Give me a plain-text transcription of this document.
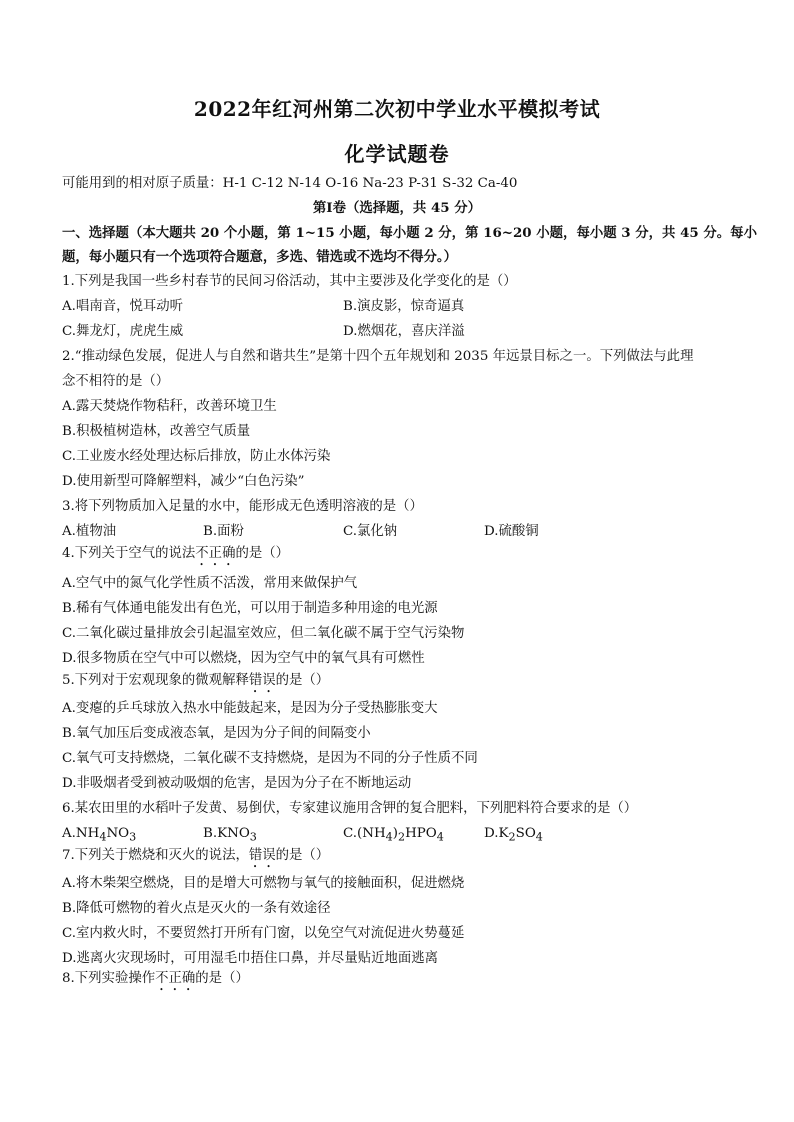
2022年红河州第二次初中学业水平模拟考试
化学试题卷
可能用到的相对原子质量：H-1 C-12 N-14 O-16 Na-23 P-31 S-32 Ca-40
第Ⅰ卷（选择题，共 45 分）
一、选择题（本大题共 20 个小题，第 1~15 小题，每小题 2 分，第 16~20 小题，每小题 3 分，共 45 分。每小
题，每小题只有一个选项符合题意，多选、错选或不选均不得分。）
1.下列是我国一些乡村春节的民间习俗活动，其中主要涉及化学变化的是（）
A.唱南音，悦耳动听	B.演皮影，惊奇逼真
C.舞龙灯，虎虎生威	D.燃烟花，喜庆洋溢
2.“推动绿色发展，促进人与自然和谐共生”是第十四个五年规划和 2035 年远景目标之一。下列做法与此理
念不相符的是（）
A.露天焚烧作物秸秆，改善环境卫生
B.积极植树造林，改善空气质量
C.工业废水经处理达标后排放，防止水体污染
D.使用新型可降解塑料，减少“白色污染”
3.将下列物质加入足量的水中，能形成无色透明溶液的是（）
A.植物油	B.面粉	C.氯化钠	D.硫酸铜
4.下列关于空气的说法不正确的是（）
A.空气中的氮气化学性质不活泼，常用来做保护气
B.稀有气体通电能发出有色光，可以用于制造多种用途的电光源
C.二氧化碳过量排放会引起温室效应，但二氧化碳不属于空气污染物
D.很多物质在空气中可以燃烧，因为空气中的氧气具有可燃性
5.下列对于宏观现象的微观解释错误的是（）
A.变瘪的乒乓球放入热水中能鼓起来，是因为分子受热膨胀变大
B.氧气加压后变成液态氧，是因为分子间的间隔变小
C.氧气可支持燃烧，二氧化碳不支持燃烧，是因为不同的分子性质不同
D.非吸烟者受到被动吸烟的危害，是因为分子在不断地运动
6.某农田里的水稻叶子发黄、易倒伏，专家建议施用含钾的复合肥料，下列肥料符合要求的是（）
$A.NH_4NO_3$	$B.KNO_3$	$C.(NH_4)_2HPO_4$	$D.K_2SO_4$
7.下列关于燃烧和灭火的说法，错误的是（）
A.将木柴架空燃烧，目的是增大可燃物与氧气的接触面积，促进燃烧
B.降低可燃物的着火点是灭火的一条有效途径
C.室内救火时，不要贸然打开所有门窗，以免空气对流促进火势蔓延
D.逃离火灾现场时，可用湿毛巾捂住口鼻，并尽量贴近地面逃离
8.下列实验操作不正确的是（）
